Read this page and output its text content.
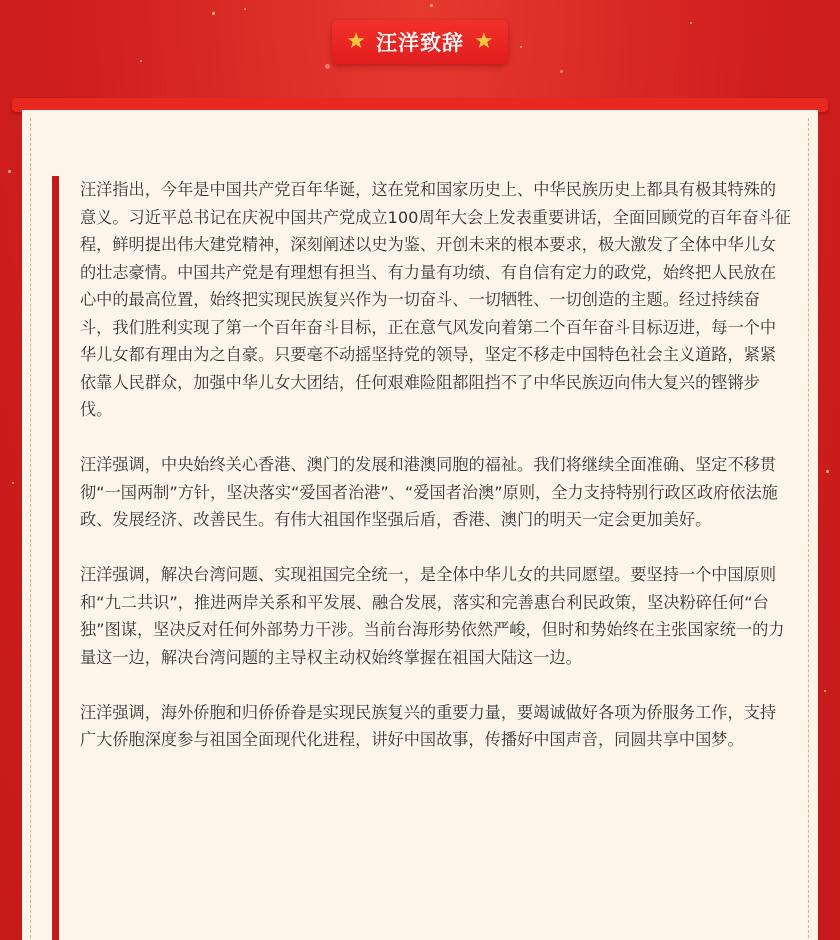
★ 汪洋致辞 ★

汪洋指出，今年是中国共产党百年华诞，这在党和国家历史上、中华民族历史上都具有极其特殊的意义。习近平总书记在庆祝中国共产党成立100周年大会上发表重要讲话，全面回顾党的百年奋斗征程，鲜明提出伟大建党精神，深刻阐述以史为鉴、开创未来的根本要求，极大激发了全体中华儿女的壮志豪情。中国共产党是有理想有担当、有力量有功绩、有自信有定力的政党，始终把人民放在心中的最高位置，始终把实现民族复兴作为一切奋斗、一切牺牲、一切创造的主题。经过持续奋斗，我们胜利实现了第一个百年奋斗目标，正在意气风发向着第二个百年奋斗目标迈进，每一个中华儿女都有理由为之自豪。只要毫不动摇坚持党的领导，坚定不移走中国特色社会主义道路，紧紧依靠人民群众，加强中华儿女大团结，任何艰难险阻都阻挡不了中华民族迈向伟大复兴的铿锵步伐。

汪洋强调，中央始终关心香港、澳门的发展和港澳同胞的福祉。我们将继续全面准确、坚定不移贯彻“一国两制”方针，坚决落实“爱国者治港”、“爱国者治澳”原则，全力支持特别行政区政府依法施政、发展经济、改善民生。有伟大祖国作坚强后盾，香港、澳门的明天一定会更加美好。

汪洋强调，解决台湾问题、实现祖国完全统一，是全体中华儿女的共同愿望。要坚持一个中国原则和“九二共识”，推进两岸关系和平发展、融合发展，落实和完善惠台利民政策，坚决粉碎任何“台独”图谋，坚决反对任何外部势力干涉。当前台海形势依然严峻，但时和势始终在主张国家统一的力量这一边，解决台湾问题的主导权主动权始终掌握在祖国大陆这一边。

汪洋强调，海外侨胞和归侨侨眷是实现民族复兴的重要力量，要竭诚做好各项为侨服务工作，支持广大侨胞深度参与祖国全面现代化进程，讲好中国故事，传播好中国声音，同圆共享中国梦。
